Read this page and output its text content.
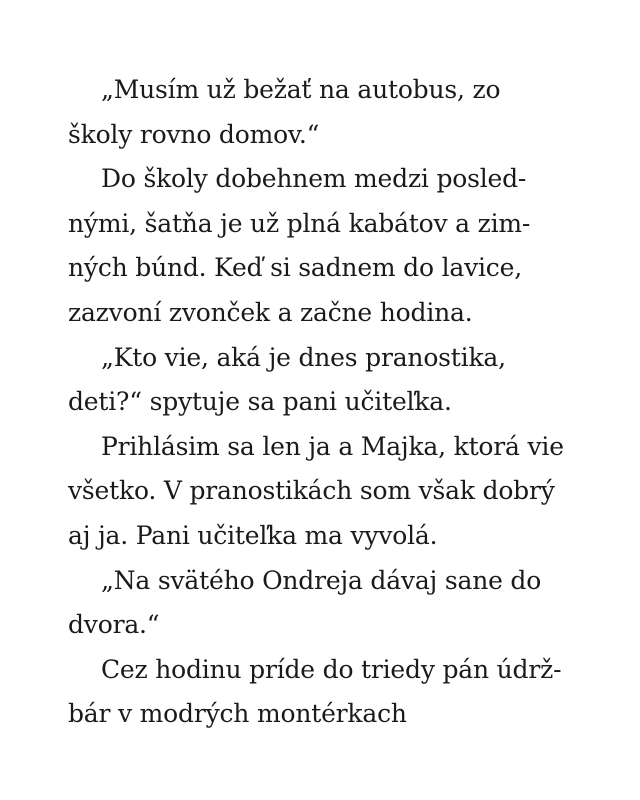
„Musím už bežať na autobus, zo
školy rovno domov.“
Do školy dobehnem medzi posled-
nými, šatňa je už plná kabátov a zim-
ných búnd. Keď si sadnem do lavice,
zazvoní zvonček a začne hodina.
„Kto vie, aká je dnes pranostika,
deti?“ spytuje sa pani učiteľka.
Prihlásim sa len ja a Majka, ktorá vie
všetko. V pranostikách som však dobrý
aj ja. Pani učiteľka ma vyvolá.
„Na svätého Ondreja dávaj sane do
dvora.“
Cez hodinu príde do triedy pán údrž-
bár v modrých montérkach
